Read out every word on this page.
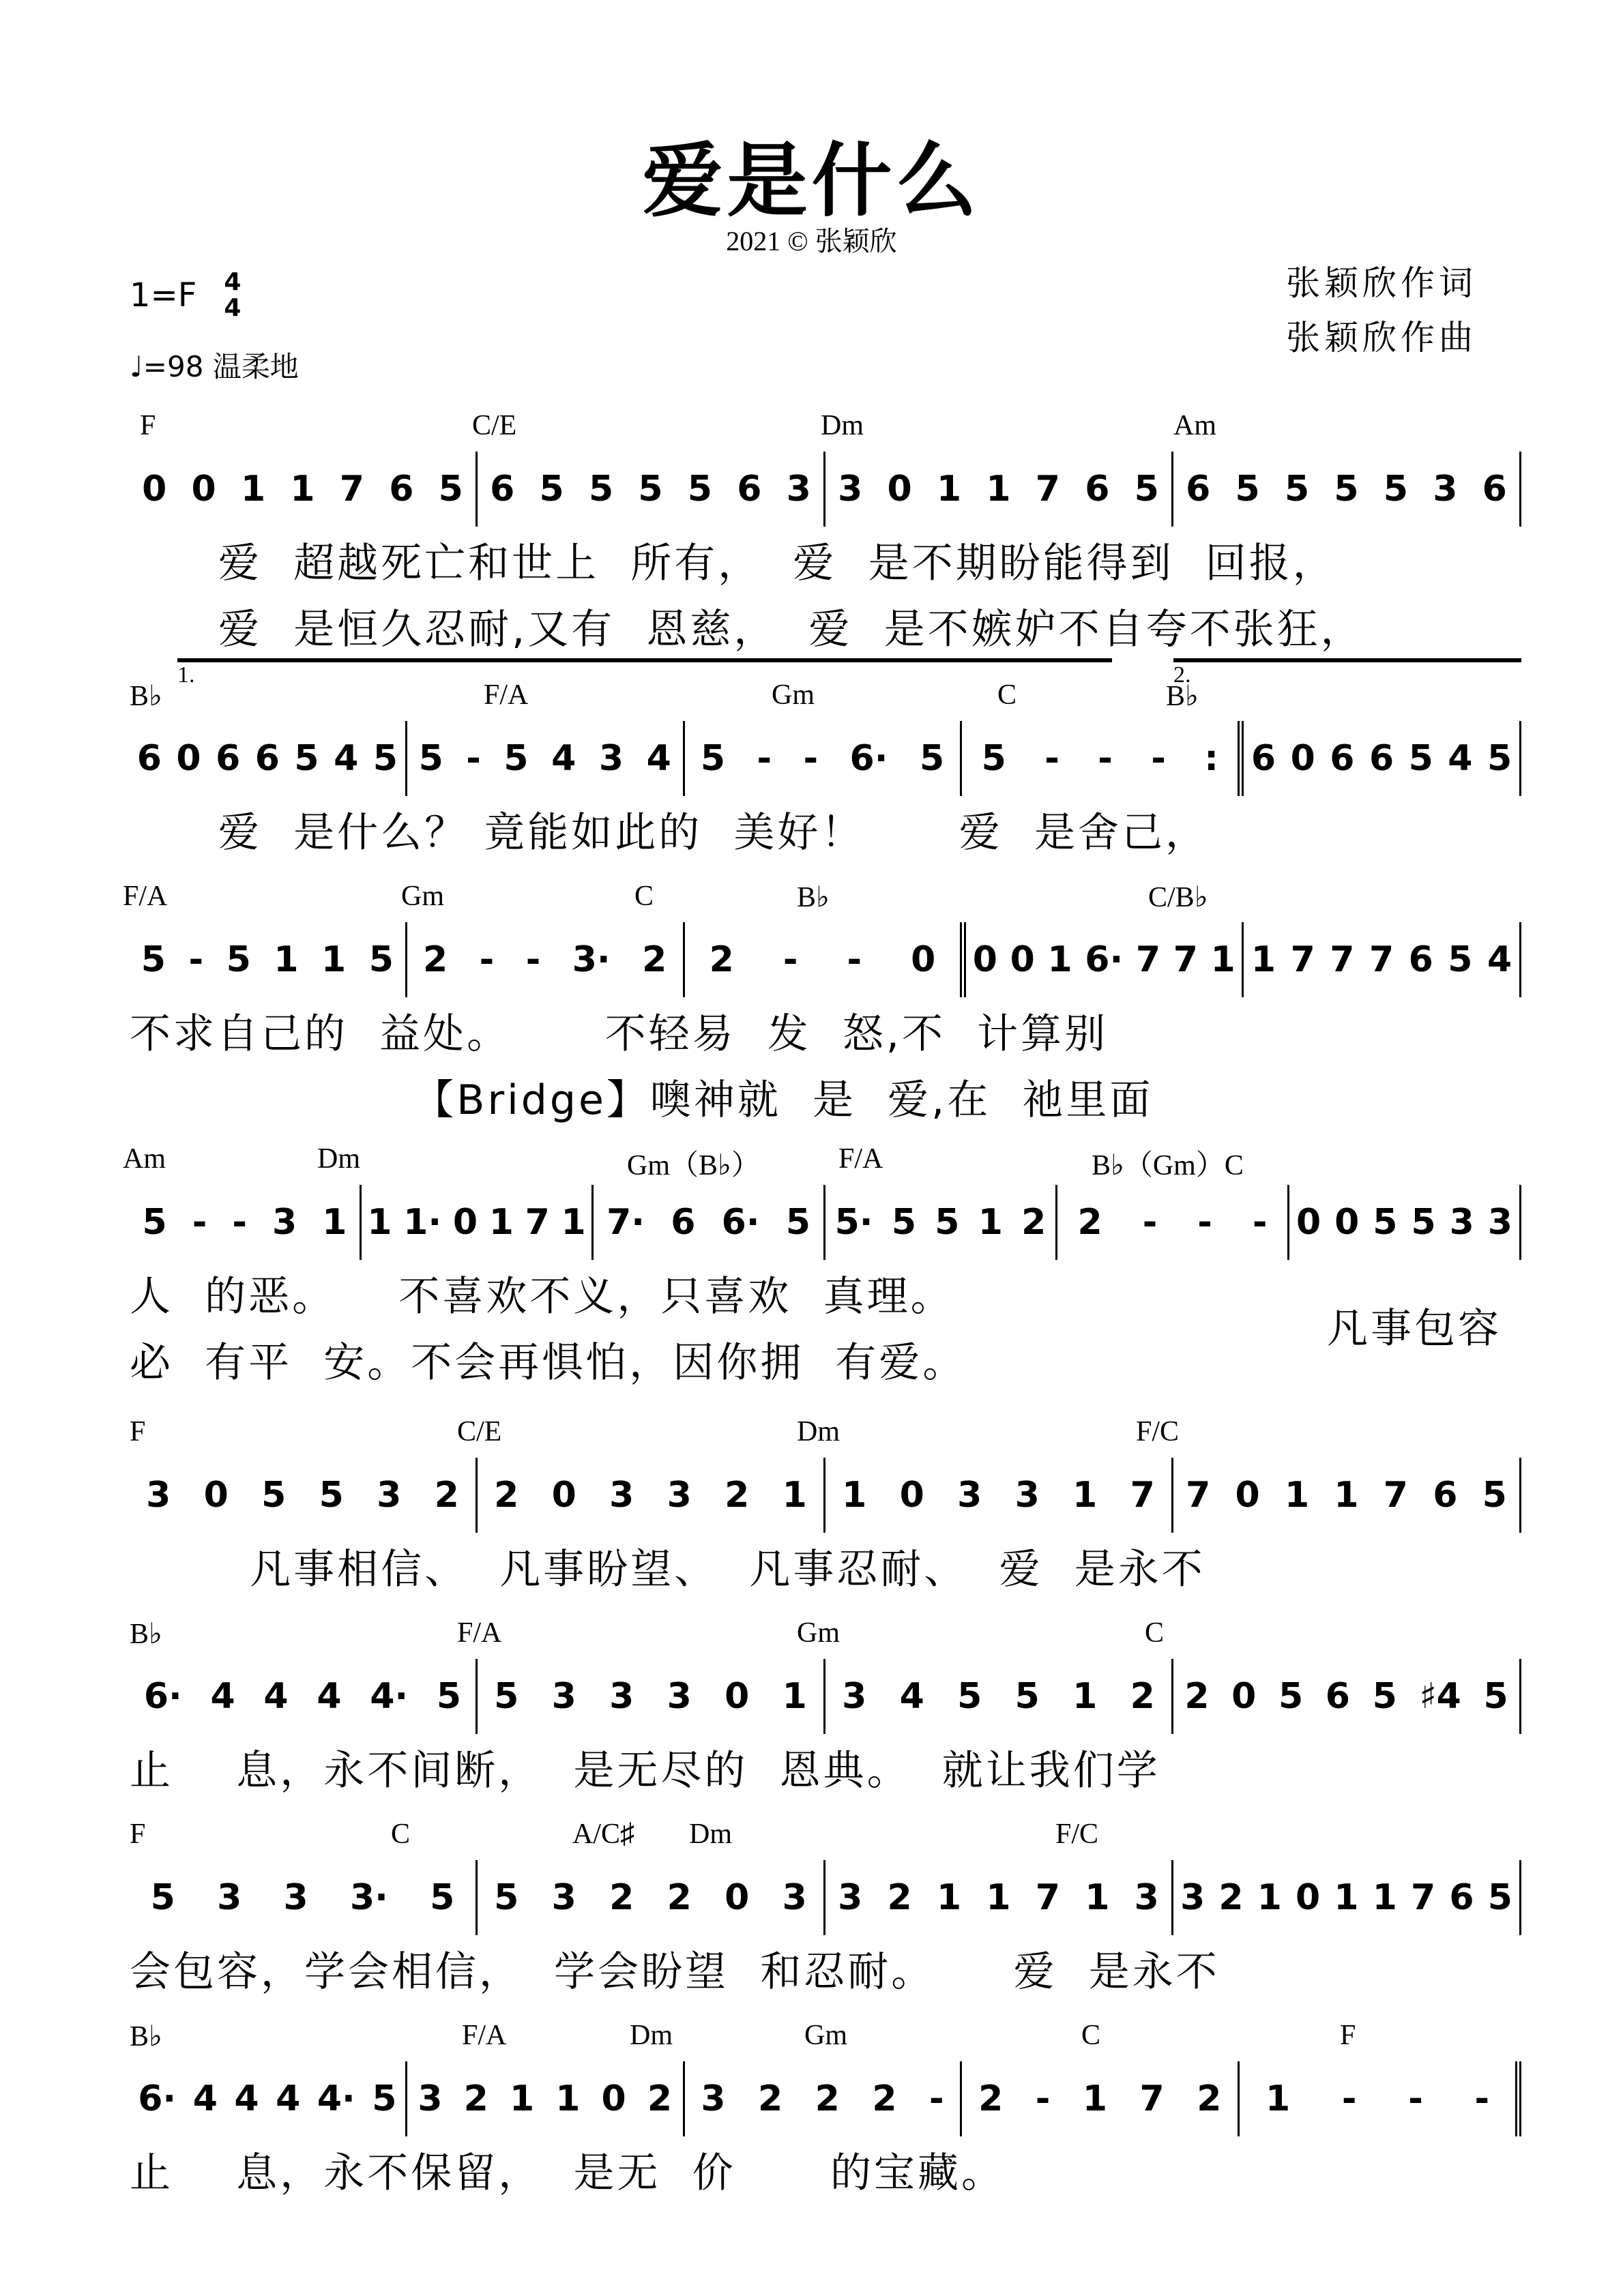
爱是什么
2021 © 张颖欣
1=F 4
4
♩=98 温柔地
张颖欣作词
张颖欣作曲
F	C/E	Dm	Am
0 0 1 1 7 6 5 6 5 5 5 5 6 3 3 0 1 1 7 6 5 6 5 5 5 5 3 6
爱  超越死亡和世上  所有，  爱  是不期盼能得到  回报，
爱  是恒久忍耐,又有  恩慈，  爱  是不嫉妒不自夸不张狂，
B♭	F/A	Gm	C	B♭
6 0 6 6 5 4 5 5 - 5 4 3 4 5 - - 6· 5 5 - - - : 6 0 6 6 5 4 5
1.	2.
爱  是什么？ 竟能如此的  美好！      爱  是舍己，
F/A	Gm	C	B♭	C/B♭
5 - 5 1 1 5 2 - - 3· 2 2 - - 0 0 0 1 6· 7 7 1 1 7 7 7 6 5 4
不求自己的  益处。      不轻易  发  怒,不  计算别
【Bridge】噢神就  是  爱,在  祂里面
Am	Dm	Gm（B♭）	F/A	B♭（Gm）C
5 - - 3 1 1 1· 0 1 7 1 7· 6 6· 5 5· 5 5 1 2 2 - - - 0 0 5 5 3 3
人  的恶。    不喜欢不义，只喜欢  真理。
必  有平  安。不会再惧怕，因你拥  有爱。
凡事包容
F	C/E	Dm	F/C
3 0 5 5 3 2 2 0 3 3 2 1 1 0 3 3 1 7 7 0 1 1 7 6 5
凡事相信、  凡事盼望、  凡事忍耐、  爱  是永不
B♭	F/A	Gm	C
6· 4 4 4 4· 5 5 3 3 3 0 1 3 4 5 5 1 2 2 0 5 6 5 ♯4 5
止    息，永不间断，  是无尽的  恩典。  就让我们学
F	C	A/C♯ Dm	F/C
5 3 3 3· 5 5 3 2 2 0 3 3 2 1 1 7 1 3 3 2 1 0 1 1 7 6 5
会包容，学会相信，  学会盼望  和忍耐。     爱  是永不
B♭	F/A	Dm	Gm	C	F
6· 4 4 4 4· 5 3 2 1 1 0 2 3 2 2 2 - 2 - 1 7 2 1 - - -
止    息，永不保留，  是无  价      的宝藏。
